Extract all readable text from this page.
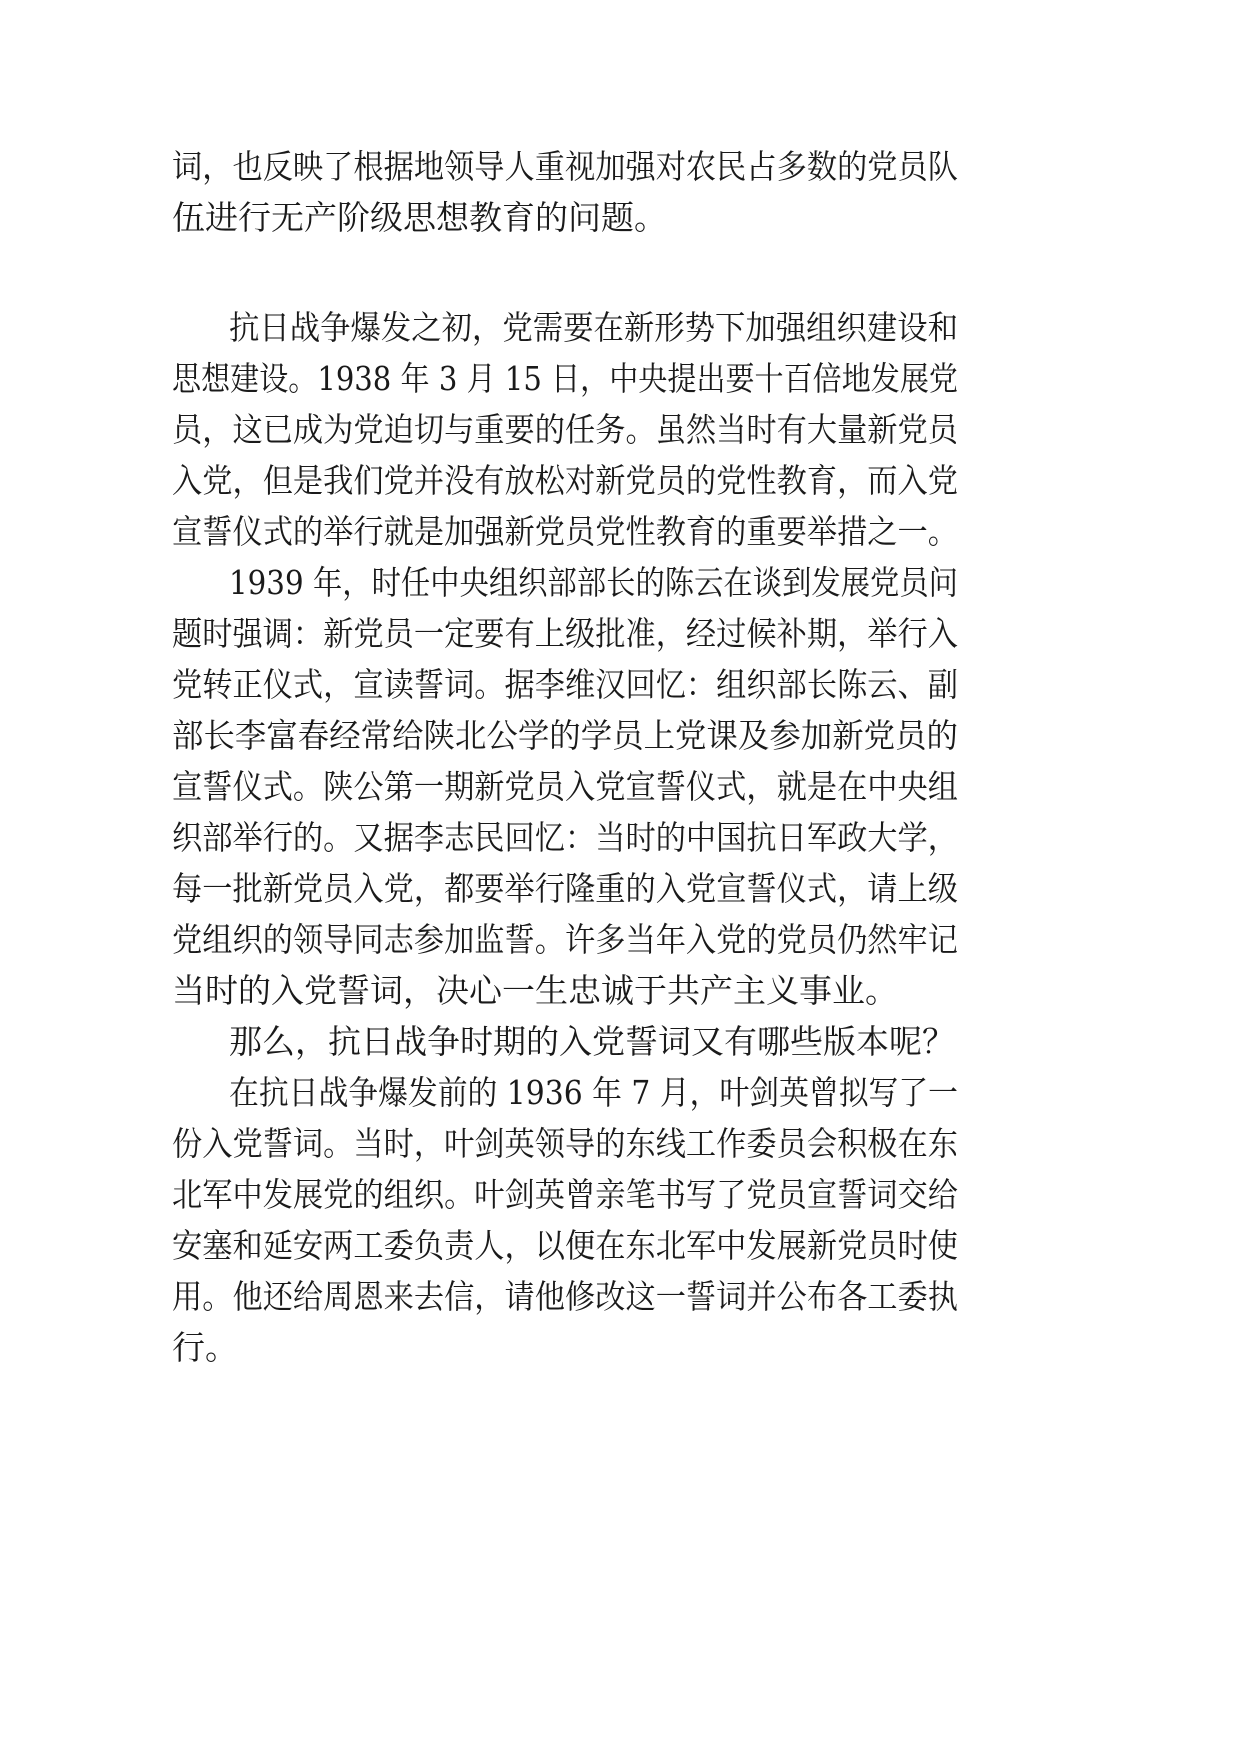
词，也反映了根据地领导人重视加强对农民占多数的党员队
伍进行无产阶级思想教育的问题。
抗日战争爆发之初，党需要在新形势下加强组织建设和
思想建设。1938 年 3 月 15 日，中央提出要十百倍地发展党
员，这已成为党迫切与重要的任务。虽然当时有大量新党员
入党，但是我们党并没有放松对新党员的党性教育，而入党
宣誓仪式的举行就是加强新党员党性教育的重要举措之一。
1939 年，时任中央组织部部长的陈云在谈到发展党员问
题时强调：新党员一定要有上级批准，经过候补期，举行入
党转正仪式，宣读誓词。据李维汉回忆：组织部长陈云、副
部长李富春经常给陕北公学的学员上党课及参加新党员的
宣誓仪式。陕公第一期新党员入党宣誓仪式，就是在中央组
织部举行的。又据李志民回忆：当时的中国抗日军政大学，
每一批新党员入党，都要举行隆重的入党宣誓仪式，请上级
党组织的领导同志参加监誓。许多当年入党的党员仍然牢记
当时的入党誓词，决心一生忠诚于共产主义事业。
那么，抗日战争时期的入党誓词又有哪些版本呢？
在抗日战争爆发前的 1936 年 7 月，叶剑英曾拟写了一
份入党誓词。当时，叶剑英领导的东线工作委员会积极在东
北军中发展党的组织。叶剑英曾亲笔书写了党员宣誓词交给
安塞和延安两工委负责人，以便在东北军中发展新党员时使
用。他还给周恩来去信，请他修改这一誓词并公布各工委执
行。
